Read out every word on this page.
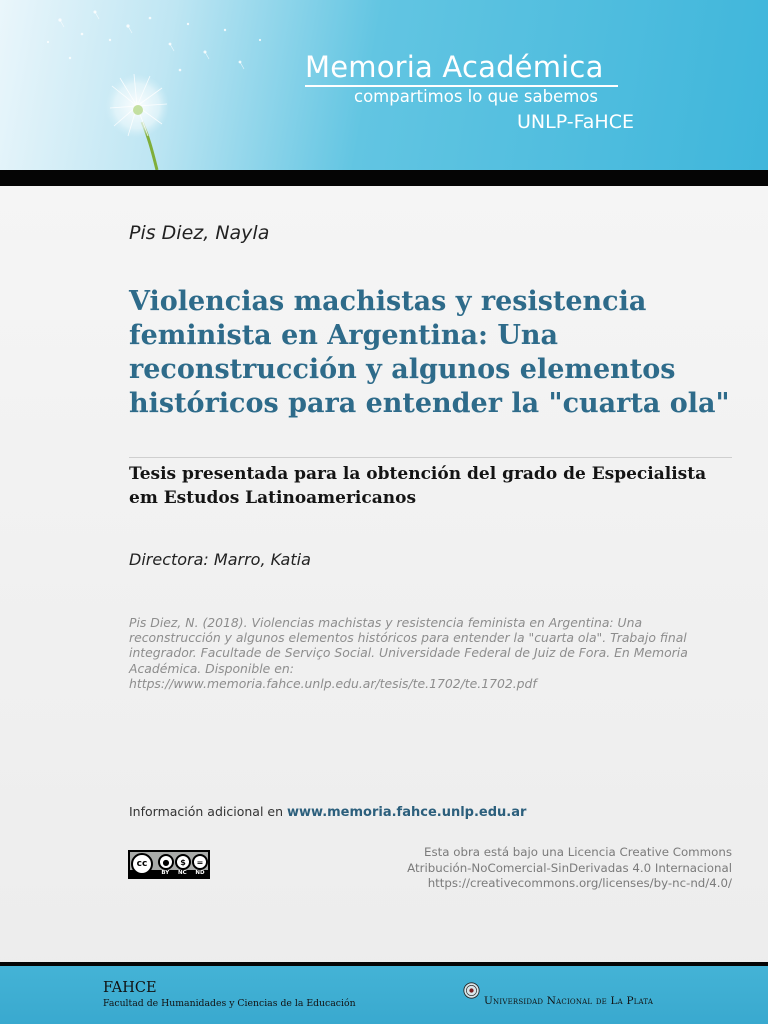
Memoria Académica
compartimos lo que sabemos
UNLP-FaHCE
Pis Diez, Nayla
Violencias machistas y resistencia feminista en Argentina: Una reconstrucción y algunos elementos históricos para entender la "cuarta ola"
Tesis presentada para la obtención del grado de Especialista em Estudos Latinoamericanos
Directora: Marro, Katia
Pis Diez, N. (2018). Violencias machistas y resistencia feminista en Argentina: Una
reconstrucción y algunos elementos históricos para entender la "cuarta ola". Trabajo final
integrador. Facultade de Serviço Social. Universidade Federal de Juiz de Fora. En Memoria
Académica. Disponible en:
https://www.memoria.fahce.unlp.edu.ar/tesis/te.1702/te.1702.pdf
Información adicional en www.memoria.fahce.unlp.edu.ar
cc	●	$	=
BY NC ND
Esta obra está bajo una Licencia Creative Commons
Atribución-NoComercial-SinDerivadas 4.0 Internacional
https://creativecommons.org/licenses/by-nc-nd/4.0/
FAHCE
Facultad de Humanidades y Ciencias de la Educación	Universidad Nacional de La Plata
